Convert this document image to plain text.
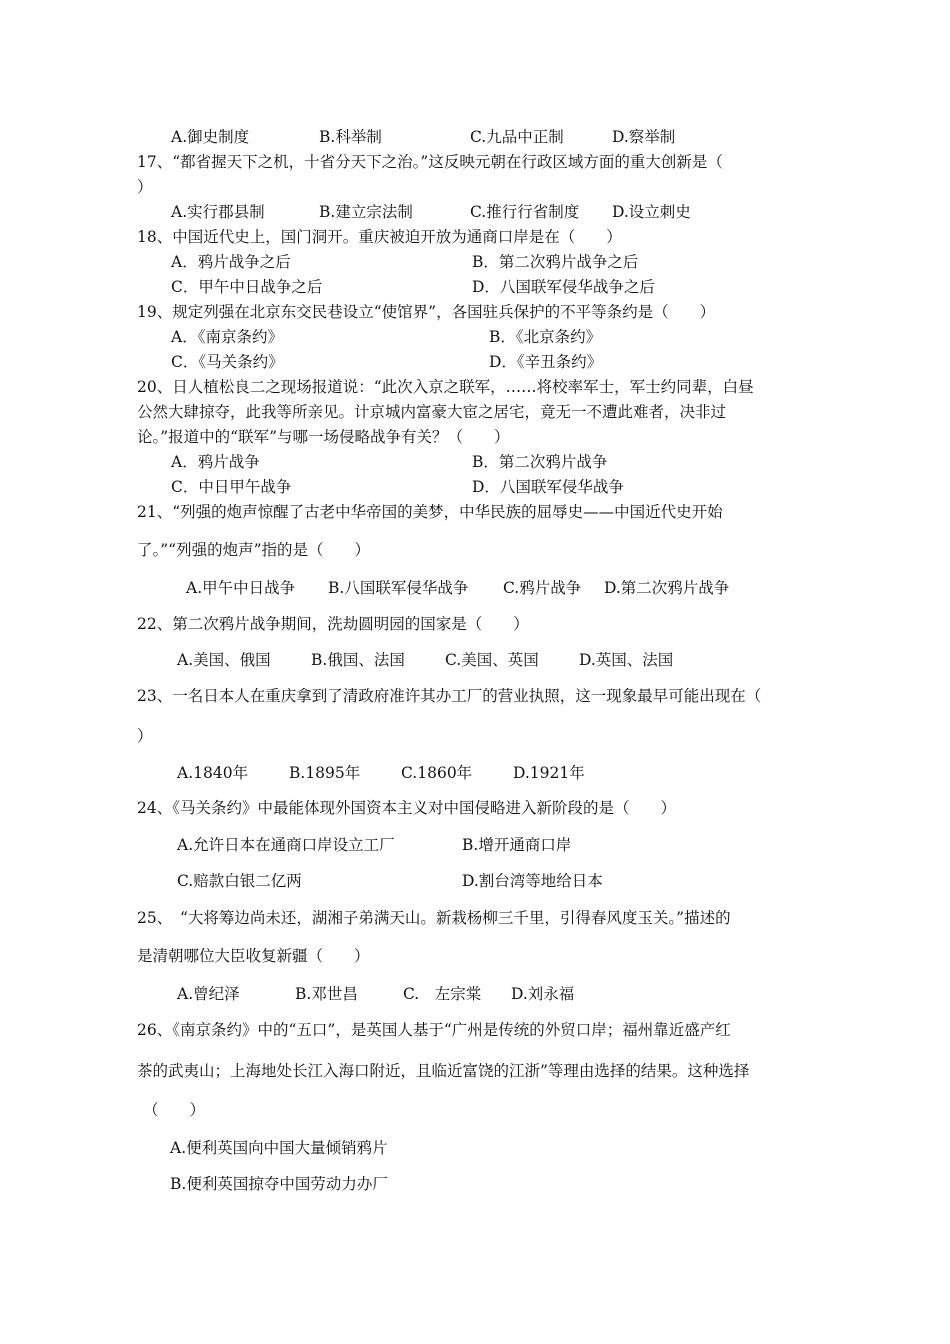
A.御史制度	B.科举制	C.九品中正制	D.察举制
17、“都省握天下之机，十省分天下之治。”这反映元朝在行政区域方面的重大创新是（
）
A.实行郡县制	B.建立宗法制	C.推行行省制度 D.设立刺史
18、中国近代史上，国门洞开。重庆被迫开放为通商口岸是在（　　）
A．鸦片战争之后	B．第二次鸦片战争之后
C．甲午中日战争之后	D．八国联军侵华战争之后
19、规定列强在北京东交民巷设立“使馆界”，各国驻兵保护的不平等条约是（　　）
A．《南京条约》	B．《北京条约》
C．《马关条约》	D．《辛丑条约》
20、日人植松良二之现场报道说：“此次入京之联军，……将校率军士，军士约同辈，白昼
公然大肆掠夺，此我等所亲见。计京城内富豪大宦之居宅，竟无一不遭此难者，决非过
论。”报道中的“联军”与哪一场侵略战争有关？（　　）
A．鸦片战争	B．第二次鸦片战争
C．中日甲午战争	D．八国联军侵华战争
21、“列强的炮声惊醒了古老中华帝国的美梦，中华民族的屈辱史——中国近代史开始
了。”“列强的炮声”指的是（　　）
A.甲午中日战争 B.八国联军侵华战争 C.鸦片战争 D.第二次鸦片战争
22、第二次鸦片战争期间，洗劫圆明园的国家是（　　）
A.美国、俄国	B.俄国、法国	C.美国、英国	D.英国、法国
23、一名日本人在重庆拿到了清政府准许其办工厂的营业执照，这一现象最早可能出现在（
）
A.1840年	B.1895年	C.1860年	D.1921年
24、《马关条约》中最能体现外国资本主义对中国侵略进入新阶段的是（　　）
A.允许日本在通商口岸设立工厂	B.增开通商口岸
C.赔款白银二亿两	D.割台湾等地给日本
25、　“大将筹边尚未还，湖湘子弟满天山。新栽杨柳三千里，引得春风度玉关。”描述的
是清朝哪位大臣收复新疆（　　）
A.曾纪泽	B.邓世昌	C.　左宗棠 D.刘永福
26、《南京条约》中的“五口”，是英国人基于“广州是传统的外贸口岸；福州靠近盛产红
茶的武夷山；上海地处长江入海口附近，且临近富饶的江浙”等理由选择的结果。这种选择
（　　）
A.便利英国向中国大量倾销鸦片
B.便利英国掠夺中国劳动力办厂
